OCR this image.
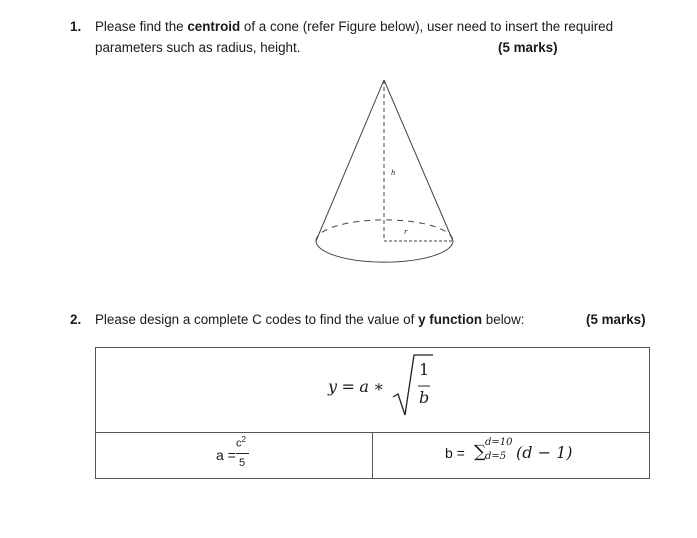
1. Please find the centroid of a cone (refer Figure below), user need to insert the required
parameters such as radius, height.	(5 marks)
h
r
2. Please design a complete C codes to find the value of y function below:	(5 marks)
y = a ∗
1
b

a =
$c^2$
5

b = ∑
d=10
d=5 (d − 1)
